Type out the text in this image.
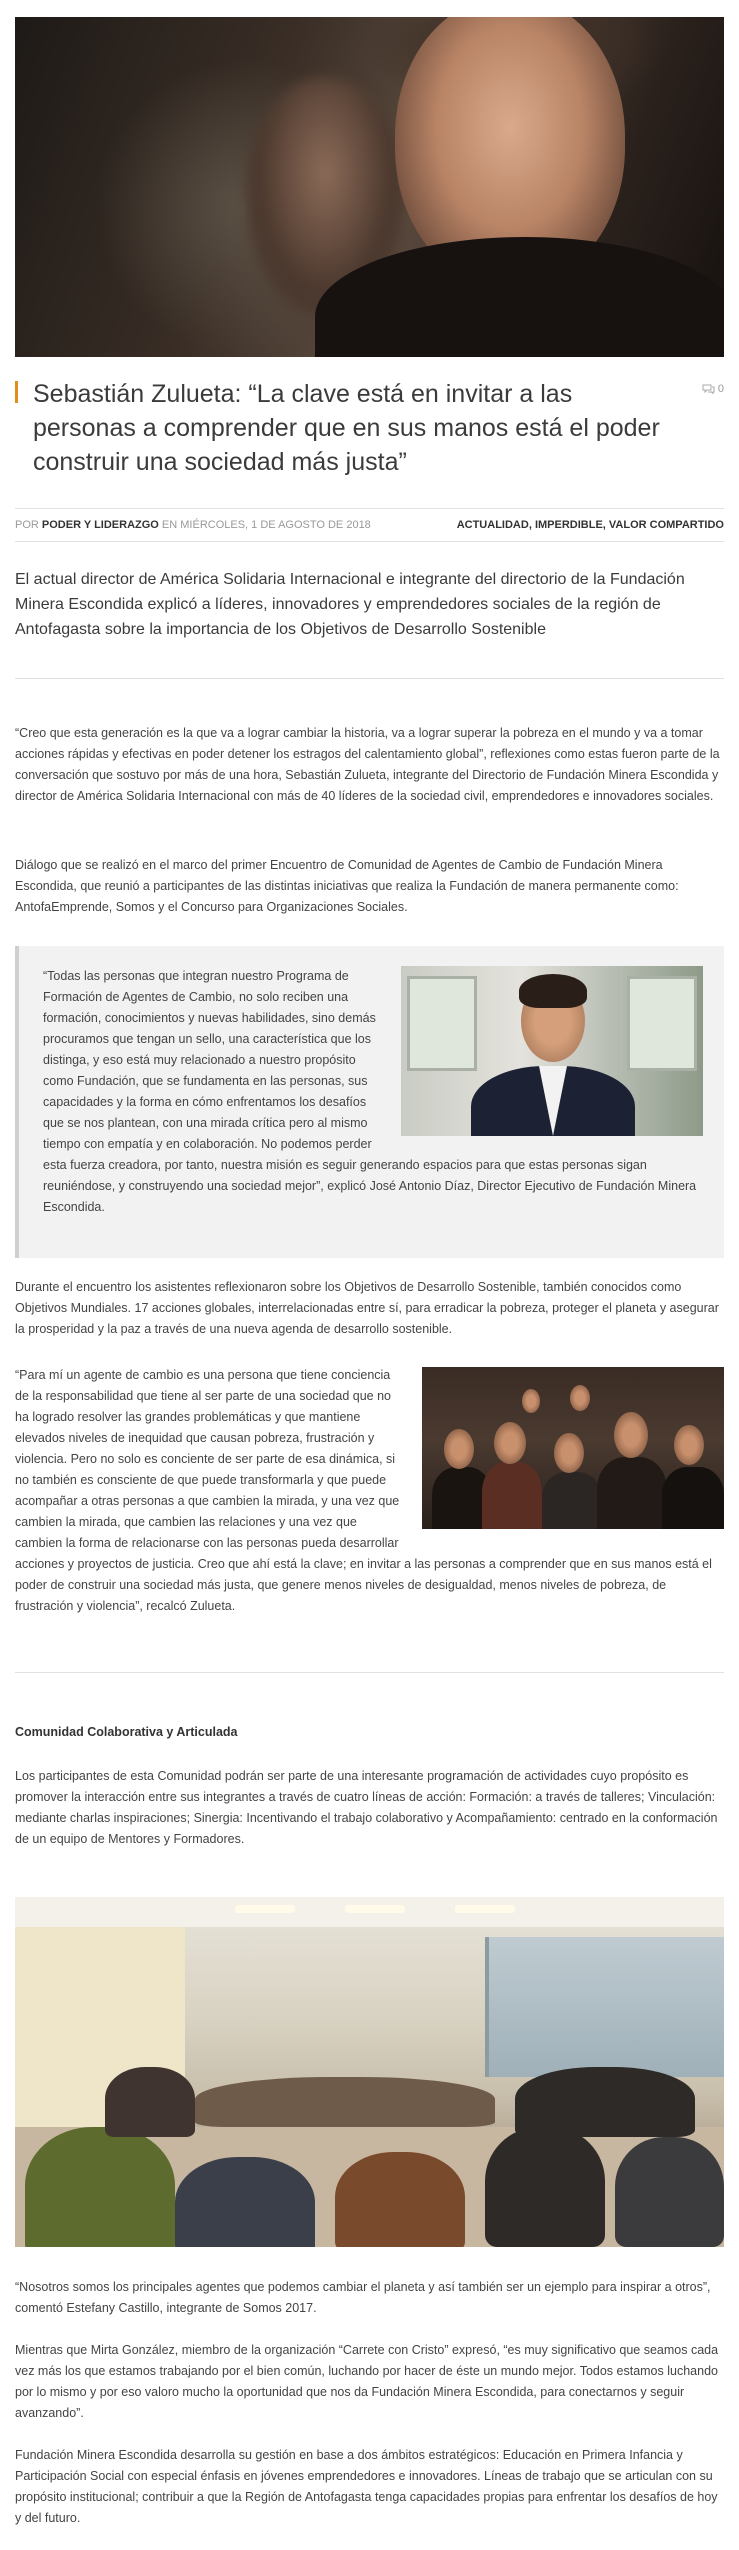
Sebastián Zulueta: “La clave está en invitar a las personas a comprender que en sus manos está el poder construir una sociedad más justa”
0
POR PODER Y LIDERAZGO EN MIÉRCOLES, 1 DE AGOSTO DE 2018	ACTUALIDAD, IMPERDIBLE, VALOR COMPARTIDO

El actual director de América Solidaria Internacional e integrante del directorio de la Fundación Minera Escondida explicó a líderes, innovadores y emprendedores sociales de la región de Antofagasta sobre la importancia de los Objetivos de Desarrollo Sostenible

“Creo que esta generación es la que va a lograr cambiar la historia, va a lograr superar la pobreza en el mundo y va a tomar acciones rápidas y efectivas en poder detener los estragos del calentamiento global”, reflexiones como estas fueron parte de la conversación que sostuvo por más de una hora, Sebastián Zulueta, integrante del Directorio de Fundación Minera Escondida y director de América Solidaria Internacional con más de 40 líderes de la sociedad civil, emprendedores e innovadores sociales.

Diálogo que se realizó en el marco del primer Encuentro de Comunidad de Agentes de Cambio de Fundación Minera Escondida, que reunió a participantes de las distintas iniciativas que realiza la Fundación de manera permanente como: AntofaEmprende, Somos y el Concurso para Organizaciones Sociales.

“Todas las personas que integran nuestro Programa de Formación de Agentes de Cambio, no solo reciben una formación, conocimientos y nuevas habilidades, sino demás procuramos que tengan un sello, una característica que los distinga, y eso está muy relacionado a nuestro propósito como Fundación, que se fundamenta en las personas, sus capacidades y la forma en cómo enfrentamos los desafíos que se nos plantean, con una mirada crítica pero al mismo tiempo con empatía y en colaboración. No podemos perder esta fuerza creadora, por tanto, nuestra misión es seguir generando espacios para que estas personas sigan reuniéndose, y construyendo una sociedad mejor”, explicó José Antonio Díaz, Director Ejecutivo de Fundación Minera Escondida.

Durante el encuentro los asistentes reflexionaron sobre los Objetivos de Desarrollo Sostenible, también conocidos como Objetivos Mundiales. 17 acciones globales, interrelacionadas entre sí, para erradicar la pobreza, proteger el planeta y asegurar la prosperidad y la paz a través de una nueva agenda de desarrollo sostenible.

“Para mí un agente de cambio es una persona que tiene conciencia de la responsabilidad que tiene al ser parte de una sociedad que no ha logrado resolver las grandes problemáticas y que mantiene elevados niveles de inequidad que causan pobreza, frustración y violencia. Pero no solo es conciente de ser parte de esa dinámica, si no también es consciente de que puede transformarla y que puede acompañar a otras personas a que cambien la mirada, y una vez que cambien la mirada, que cambien las relaciones y una vez que cambien la forma de relacionarse con las personas pueda desarrollar acciones y proyectos de justicia. Creo que ahí está la clave; en invitar a las personas a comprender que en sus manos está el poder de construir una sociedad más justa, que genere menos niveles de desigualdad, menos niveles de pobreza, de frustración y violencia”, recalcó Zulueta.
Comunidad Colaborativa y Articulada

Los participantes de esta Comunidad podrán ser parte de una interesante programación de actividades cuyo propósito es promover la interacción entre sus integrantes a través de cuatro líneas de acción: Formación: a través de talleres; Vinculación: mediante charlas inspiraciones; Sinergia: Incentivando el trabajo colaborativo y Acompañamiento: centrado en la conformación de un equipo de Mentores y Formadores.

“Nosotros somos los principales agentes que podemos cambiar el planeta y así también ser un ejemplo para inspirar a otros”, comentó Estefany Castillo, integrante de Somos 2017.

Mientras que Mirta González, miembro de la organización “Carrete con Cristo” expresó, “es muy significativo que seamos cada vez más los que estamos trabajando por el bien común, luchando por hacer de éste un mundo mejor. Todos estamos luchando por lo mismo y por eso valoro mucho la oportunidad que nos da Fundación Minera Escondida, para conectarnos y seguir avanzando”.

Fundación Minera Escondida desarrolla su gestión en base a dos ámbitos estratégicos: Educación en Primera Infancia y Participación Social con especial énfasis en jóvenes emprendedores e innovadores. Líneas de trabajo que se articulan con su propósito institucional; contribuir a que la Región de Antofagasta tenga capacidades propias para enfrentar los desafíos de hoy y del futuro.
